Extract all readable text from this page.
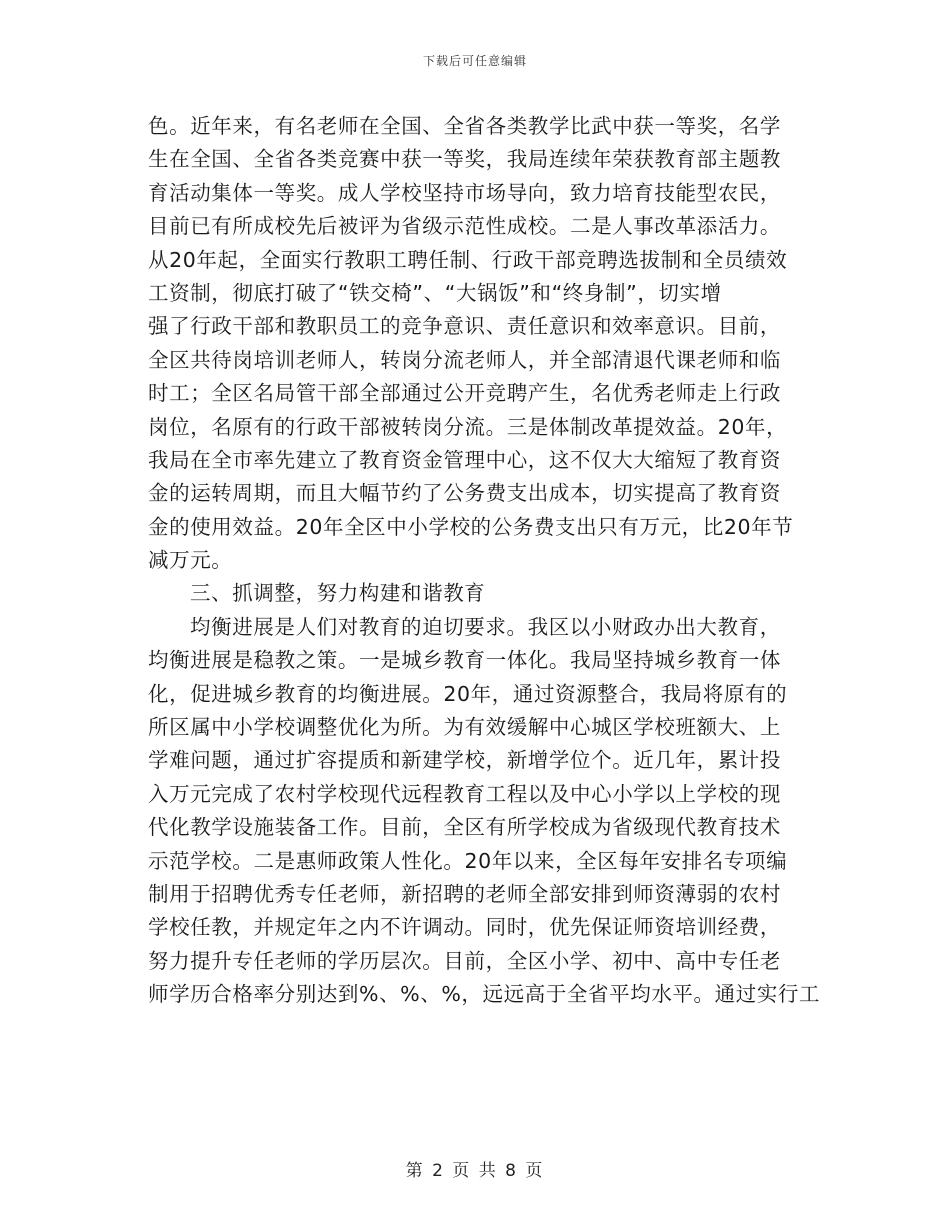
下载后可任意编辑
色。近年来，有名老师在全国、全省各类教学比武中获一等奖，名学
生在全国、全省各类竞赛中获一等奖，我局连续年荣获教育部主题教
育活动集体一等奖。成人学校坚持市场导向，致力培育技能型农民，
目前已有所成校先后被评为省级示范性成校。二是人事改革添活力。
从20年起，全面实行教职工聘任制、行政干部竞聘选拔制和全员绩效
工资制，彻底打破了“铁交椅”、“大锅饭”和“终身制”，切实增
强了行政干部和教职员工的竞争意识、责任意识和效率意识。目前，
全区共待岗培训老师人，转岗分流老师人，并全部清退代课老师和临
时工；全区名局管干部全部通过公开竞聘产生，名优秀老师走上行政
岗位，名原有的行政干部被转岗分流。三是体制改革提效益。20年，
我局在全市率先建立了教育资金管理中心，这不仅大大缩短了教育资
金的运转周期，而且大幅节约了公务费支出成本，切实提高了教育资
金的使用效益。20年全区中小学校的公务费支出只有万元，比20年节
减万元。
三、抓调整，努力构建和谐教育
均衡进展是人们对教育的迫切要求。我区以小财政办出大教育，
均衡进展是稳教之策。一是城乡教育一体化。我局坚持城乡教育一体
化，促进城乡教育的均衡进展。20年，通过资源整合，我局将原有的
所区属中小学校调整优化为所。为有效缓解中心城区学校班额大、上
学难问题，通过扩容提质和新建学校，新增学位个。近几年，累计投
入万元完成了农村学校现代远程教育工程以及中心小学以上学校的现
代化教学设施装备工作。目前，全区有所学校成为省级现代教育技术
示范学校。二是惠师政策人性化。20年以来，全区每年安排名专项编
制用于招聘优秀专任老师，新招聘的老师全部安排到师资薄弱的农村
学校任教，并规定年之内不许调动。同时，优先保证师资培训经费，
努力提升专任老师的学历层次。目前，全区小学、初中、高中专任老
师学历合格率分别达到%、%、%，远远高于全省平均水平。通过实行工
第 2 页 共 8 页
